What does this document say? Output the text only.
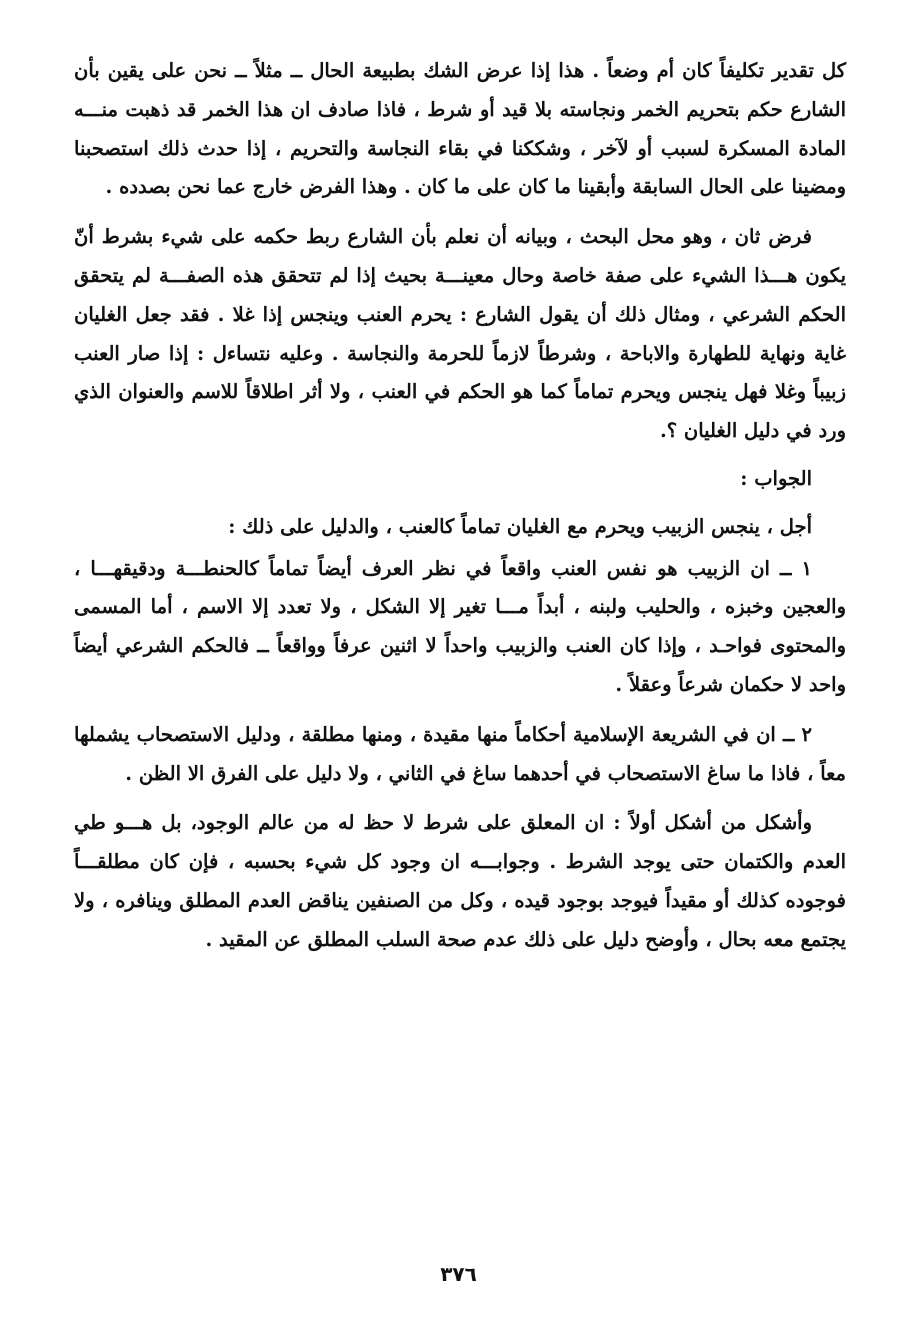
كل تقدير تكليفاً كان أم وضعاً . هذا إذا عرض الشك بطبيعة الحال ــ مثلاً ــ نحن على يقين بأن الشارع حكم بتحريم الخمر ونجاسته بلا قيد أو شرط ، فاذا صادف ان هذا الخمر قد ذهبت منـــه المادة المسكرة لسبب أو لآخر ، وشككنا في بقاء النجاسة والتحريم ، إذا حدث ذلك استصحبنا ومضينا على الحال السابقة وأبقينا ما كان على ما كان . وهذا الفرض خارج عما نحن بصدده .

فرض ثان ، وهو محل البحث ، وبيانه أن نعلم بأن الشارع ربط حكمه على شيء بشرط أنّ يكون هـــذا الشيء على صفة خاصة وحال معينـــة بحيث إذا لم تتحقق هذه الصفـــة لم يتحقق الحكم الشرعي ، ومثال ذلك أن يقول الشارع : يحرم العنب وينجس إذا غلا . فقد جعل الغليان غاية ونهاية للطهارة والاباحة ، وشرطاً لازماً للحرمة والنجاسة . وعليه نتساءل : إذا صار العنب زبيباً وغلا فهل ينجس ويحرم تماماً كما هو الحكم في العنب ، ولا أثر اطلاقاً للاسم والعنوان الذي ورد في دليل الغليان ؟.

الجواب :

أجل ، ينجس الزبيب ويحرم مع الغليان تماماً كالعنب ، والدليل على ذلك :

١ ــ ان الزبيب هو نفس العنب واقعاً في نظر العرف أيضاً تماماً كالحنطـــة ودقيقهـــا ، والعجين وخبزه ، والحليب ولبنه ، أبداً مـــا تغير إلا الشكل ، ولا تعدد إلا الاسم ، أما المسمى والمحتوى فواحـد ، وإذا كان العنب والزبيب واحداً لا اثنين عرفاً وواقعاً ــ فالحكم الشرعي أيضاً واحد لا حكمان شرعاً وعقلاً .

٢ ــ ان في الشريعة الإسلامية أحكاماً منها مقيدة ، ومنها مطلقة ، ودليل الاستصحاب يشملها معاً ، فاذا ما ساغ الاستصحاب في أحدهما ساغ في الثاني ، ولا دليل على الفرق الا الظن .

وأشكل من أشكل أولاً : ان المعلق على شرط لا حظ له من عالم الوجود، بل هـــو طي العدم والكتمان حتى يوجد الشرط . وجوابـــه ان وجود كل شيء بحسبه ، فإن كان مطلقـــاً فوجوده كذلك أو مقيداً فيوجد بوجود قيده ، وكل من الصنفين يناقض العدم المطلق وينافره ، ولا يجتمع معه بحال ، وأوضح دليل على ذلك عدم صحة السلب المطلق عن المقيد .

٣٧٦
